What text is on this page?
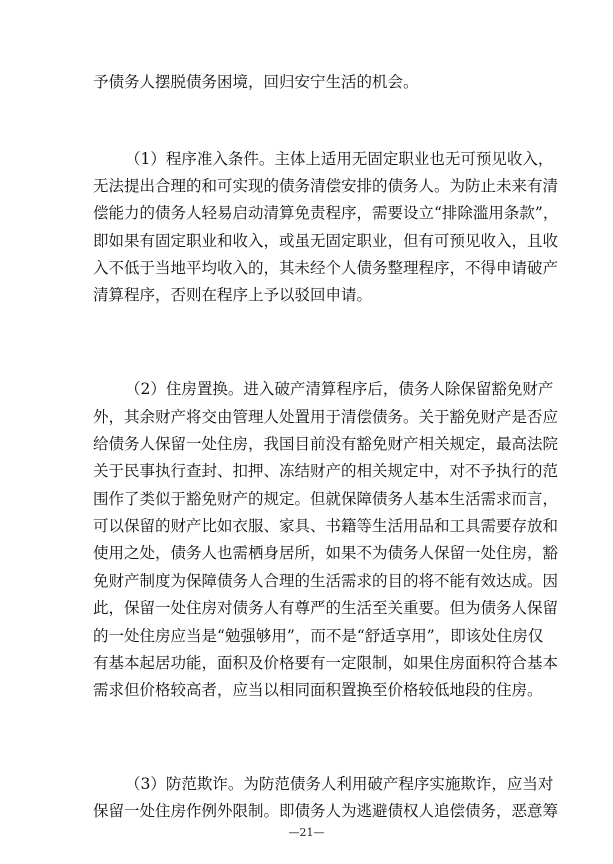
予债务人摆脱债务困境，回归安宁生活的机会。
（1）程序准入条件。主体上适用无固定职业也无可预见收入，
无法提出合理的和可实现的债务清偿安排的债务人。为防止未来有清
偿能力的债务人轻易启动清算免责程序，需要设立“排除滥用条款”，
即如果有固定职业和收入，或虽无固定职业，但有可预见收入，且收
入不低于当地平均收入的，其未经个人债务整理程序，不得申请破产
清算程序，否则在程序上予以驳回申请。
（2）住房置换。进入破产清算程序后，债务人除保留豁免财产
外，其余财产将交由管理人处置用于清偿债务。关于豁免财产是否应
给债务人保留一处住房，我国目前没有豁免财产相关规定，最高法院
关于民事执行查封、扣押、冻结财产的相关规定中，对不予执行的范
围作了类似于豁免财产的规定。但就保障债务人基本生活需求而言，
可以保留的财产比如衣服、家具、书籍等生活用品和工具需要存放和
使用之处，债务人也需栖身居所，如果不为债务人保留一处住房，豁
免财产制度为保障债务人合理的生活需求的目的将不能有效达成。因
此，保留一处住房对债务人有尊严的生活至关重要。但为债务人保留
的一处住房应当是“勉强够用”，而不是“舒适享用”，即该处住房仅
有基本起居功能，面积及价格要有一定限制，如果住房面积符合基本
需求但价格较高者，应当以相同面积置换至价格较低地段的住房。
（3）防范欺诈。为防范债务人利用破产程序实施欺诈，应当对
保留一处住房作例外限制。即债务人为逃避债权人追偿债务，恶意筹
—21—
